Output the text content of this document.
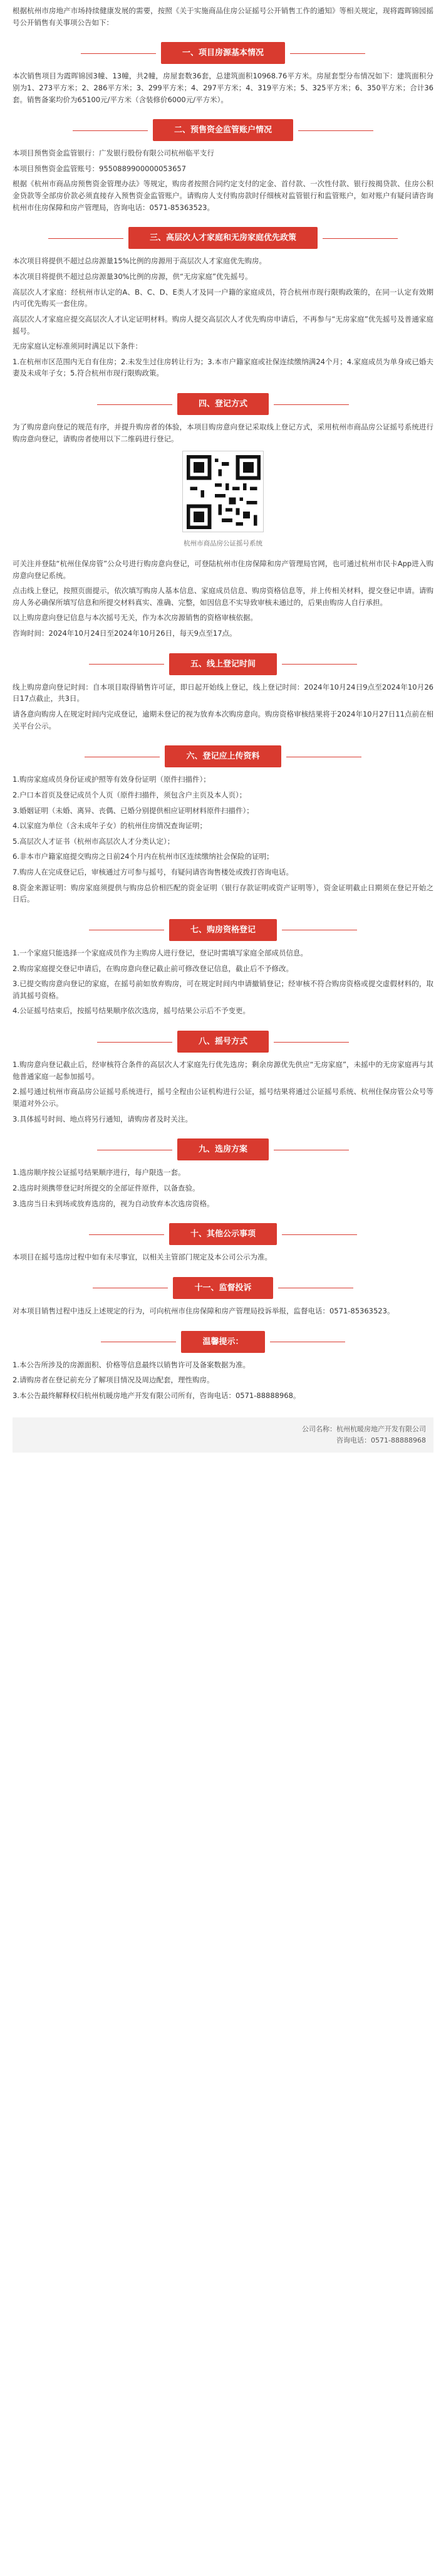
根据杭州市房地产市场持续健康发展的需要，按照《关于实施商品住房公证摇号公开销售工作的通知》等相关规定，现将霞晖锦园摇号公开销售有关事项公告如下：

一、项目房源基本情况

本次销售项目为霞晖锦园3幢、13幢，共2幢，房屋套数36套，总建筑面积10968.76平方米。房屋套型分布情况如下：建筑面积分别为1、273平方米；2、286平方米；3、299平方米；4、297平方米；4、319平方米；5、325平方米；6、350平方米；合计36套。销售备案均价为65100元/平方米（含装修价6000元/平方米）。

二、预售资金监管账户情况

本项目预售资金监管银行：广发银行股份有限公司杭州临平支行

本项目预售资金监管账号：9550889900000053657

根据《杭州市商品房预售资金管理办法》等规定，购房者按照合同约定支付的定金、首付款、一次性付款、银行按揭贷款、住房公积金贷款等全部房价款必须直接存入预售资金监管账户。请购房人支付购房款时仔细核对监管银行和监管账户，如对账户有疑问请咨询杭州市住房保障和房产管理局，咨询电话：0571-85363523。

三、高层次人才家庭和无房家庭优先政策

本次项目将提供不超过总房源量15%比例的房源用于高层次人才家庭优先购房。

本次项目将提供不超过总房源量30%比例的房源，供“无房家庭”优先摇号。

高层次人才家庭：经杭州市认定的A、B、C、D、E类人才及同一户籍的家庭成员，符合杭州市现行限购政策的，在同一认定有效期内可优先购买一套住房。

高层次人才家庭应提交高层次人才认定证明材料。购房人提交高层次人才优先购房申请后，不再参与“无房家庭”优先摇号及普通家庭摇号。

无房家庭认定标准须同时满足以下条件：

1.在杭州市区范围内无自有住房；2.未发生过住房转让行为；3.本市户籍家庭或社保连续缴纳满24个月；4.家庭成员为单身或已婚夫妻及未成年子女；5.符合杭州市现行限购政策。

四、登记方式

为了购房意向登记的规范有序，并提升购房者的体验，本项目购房意向登记采取线上登记方式，采用杭州市商品房公证摇号系统进行购房意向登记，请购房者使用以下二维码进行登记。

杭州市商品房公证摇号系统

可关注并登陆“杭州住保房管”公众号进行购房意向登记，可登陆杭州市住房保障和房产管理局官网，也可通过杭州市民卡App进入购房意向登记系统。

点击线上登记，按照页面提示，依次填写购房人基本信息、家庭成员信息、购房资格信息等，并上传相关材料，提交登记申请。请购房人务必确保所填写信息和所提交材料真实、准确、完整，如因信息不实导致审核未通过的，后果由购房人自行承担。

以上购房意向登记信息与本次摇号无关，作为本次房源销售的资格审核依据。

咨询时间：2024年10月24日至2024年10月26日，每天9点至17点。

五、线上登记时间

线上购房意向登记时间：自本项目取得销售许可证，即日起开始线上登记，线上登记时间：2024年10月24日9点至2024年10月26日17点截止，共3日。

请各意向购房人在规定时间内完成登记，逾期未登记的视为放弃本次购房意向。购房资格审核结果将于2024年10月27日11点前在相关平台公示。

六、登记应上传资料

1.购房家庭成员身份证或护照等有效身份证明（原件扫描件）；

2.户口本首页及登记成员个人页（原件扫描件，须包含户主页及本人页）；

3.婚姻证明（未婚、离异、丧偶、已婚分别提供相应证明材料原件扫描件）；

4.以家庭为单位（含未成年子女）的杭州住房情况查询证明；

5.高层次人才证书（杭州市高层次人才分类认定）；

6.非本市户籍家庭提交购房之日前24个月内在杭州市区连续缴纳社会保险的证明；

7.购房人在完成登记后，审核通过方可参与摇号，有疑问请咨询售楼处或拨打咨询电话。

8.资金来源证明：购房家庭须提供与购房总价相匹配的资金证明（银行存款证明或资产证明等），资金证明截止日期须在登记开始之日后。

七、购房资格登记

1.一个家庭只能选择一个家庭成员作为主购房人进行登记，登记时需填写家庭全部成员信息。

2.购房家庭提交登记申请后，在购房意向登记截止前可修改登记信息，截止后不予修改。

3.已提交购房意向登记的家庭，在摇号前如放弃购房，可在规定时间内申请撤销登记；经审核不符合购房资格或提交虚假材料的，取消其摇号资格。

4.公证摇号结束后，按摇号结果顺序依次选房，摇号结果公示后不予变更。

八、摇号方式

1.购房意向登记截止后，经审核符合条件的高层次人才家庭先行优先选房；剩余房源优先供应“无房家庭”，未摇中的无房家庭再与其他普通家庭一起参加摇号。

2.摇号通过杭州市商品房公证摇号系统进行，摇号全程由公证机构进行公证，摇号结果将通过公证摇号系统、杭州住保房管公众号等渠道对外公示。

3.具体摇号时间、地点将另行通知，请购房者及时关注。

九、选房方案

1.选房顺序按公证摇号结果顺序进行，每户限选一套。

2.选房时须携带登记时所提交的全部证件原件，以备查验。

3.选房当日未到场或放弃选房的，视为自动放弃本次选房资格。

十、其他公示事项

本项目在摇号选房过程中如有未尽事宜，以相关主管部门规定及本公司公示为准。

十一、监督投诉

对本项目销售过程中违反上述规定的行为，可向杭州市住房保障和房产管理局投诉举报，监督电话：0571-85363523。

温馨提示：

1.本公告所涉及的房源面积、价格等信息最终以销售许可及备案数据为准。

2.请购房者在登记前充分了解项目情况及周边配套，理性购房。

3.本公告最终解释权归杭州杭暖房地产开发有限公司所有，咨询电话：0571-88888968。

公司名称：杭州杭暖房地产开发有限公司
咨询电话：0571-88888968
